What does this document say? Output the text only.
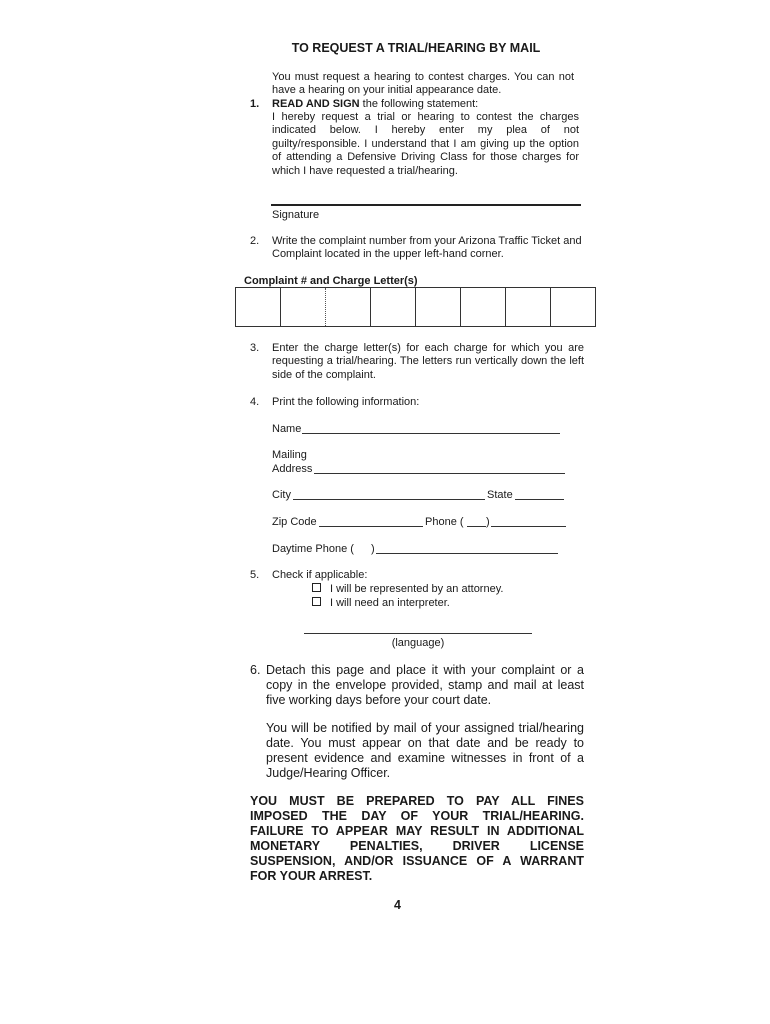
TO REQUEST A TRIAL/HEARING BY MAIL
You must request a hearing to contest charges. You can not have a hearing on your initial appearance date.
1. READ AND SIGN the following statement:
I hereby request a trial or hearing to contest the charges indicated below. I hereby enter my plea of not guilty/responsible. I understand that I am giving up the option of attending a Defensive Driving Class for those charges for which I have requested a trial/hearing.
Signature
2. Write the complaint number from your Arizona Traffic Ticket and Complaint located in the upper left-hand corner.
Complaint # and Charge Letter(s)
3. Enter the charge letter(s) for each charge for which you are requesting a trial/hearing. The letters run vertically down the left side of the complaint.
4. Print the following information:
Name
Mailing
Address
City	State
Zip Code	Phone ( )
Daytime Phone ( )
5. Check if applicable:
I will be represented by an attorney.
I will need an interpreter.
(language)
6. Detach this page and place it with your complaint or a copy in the envelope provided, stamp and mail at least five working days before your court date.
You will be notified by mail of your assigned trial/hearing date. You must appear on that date and be ready to present evidence and examine witnesses in front of a Judge/Hearing Officer.
YOU MUST BE PREPARED TO PAY ALL FINES IMPOSED THE DAY OF YOUR TRIAL/HEARING. FAILURE TO APPEAR MAY RESULT IN ADDITIONAL MONETARY PENALTIES, DRIVER LICENSE SUSPENSION, AND/OR ISSUANCE OF A WARRANT FOR YOUR ARREST.
4
